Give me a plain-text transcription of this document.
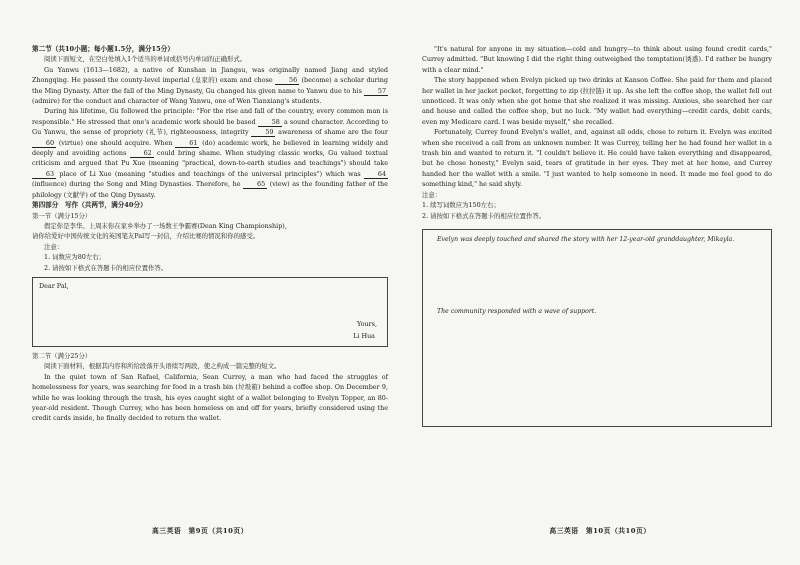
第二节（共10小题；每小题1.5分，满分15分）

阅读下面短文，在空白处填入1个适当的单词或括号内单词的正确形式。

Gu Yanwu (1613—1682), a native of Kunshan in Jiangsu, was originally named Jiang and styled Zhongqing. He passed the county-level imperial (皇家的) exam and chose	56 (become) a scholar during the Ming Dynasty. After the fall of the Ming Dynasty, Gu changed his given name to Yanwu due to his	57 (admire) for the conduct and character of Wang Yanwu, one of Wen Tianxiang's students.

During his lifetime, Gu followed the principle: "For the rise and fall of the country, every common man is responsible." He stressed that one's academic work should be based	58 a sound character. According to Gu Yanwu, the sense of propriety (礼节), righteousness, integrity	59 awareness of shame are the four 60 (virtue) one should acquire. When	61 (do) academic work, he believed in learning widely and deeply and avoiding actions	62 could bring shame. When studying classic works, Gu valued textual criticism and argued that Pu Xue (meaning "practical, down-to-earth studies and teachings") should take 63 place of Li Xue (meaning "studies and teachings of the universal principles") which was	64 (influence) during the Song and Ming Dynasties. Therefore, he	65 (view) as the founding father of the philology (文献学) of the Qing Dynasty.

第四部分　写作（共两节，满分40分）

第一节（满分15分）

假定你是李华。上周末你在家乡举办了一场数王争霸赛(Dean King Championship)，

请你给爱好中国传统文化的英国笔友Pal写一封信，介绍比赛的情况和你的感受。

注意：

1. 词数应为80左右；

2. 请按如下格式在答题卡的相应位置作答。

Dear Pal,
Yours,
Li Hua

第二节（满分25分）

阅读下面材料，根据其内容和所给段落开头语续写两段，使之构成一篇完整的短文。

In the quiet town of San Rafael, California, Sean Currey, a man who had faced the struggles of homelessness for years, was searching for food in a trash bin (垃圾箱) behind a coffee shop. On December 9, while he was looking through the trash, his eyes caught sight of a wallet belonging to Evelyn Topper, an 80-year-old resident. Though Currey, who has been homeless on and off for years, briefly considered using the credit cards inside, he finally decided to return the wallet.

高三英语　第9页（共10页）

"It's natural for anyone in my situation—cold and hungry—to think about using found credit cards," Currey admitted. "But knowing I did the right thing outweighed the temptation(诱惑). I'd rather be hungry with a clear mind."

The story happened when Evelyn picked up two drinks at Kanson Coffee. She paid for them and placed her wallet in her jacket pocket, forgetting to zip (拉拉链) it up. As she left the coffee shop, the wallet fell out unnoticed. It was only when she got home that she realized it was missing. Anxious, she searched her car and house and called the coffee shop, but no luck. "My wallet had everything—credit cards, debit cards, even my Medicare card. I was beside myself," she recalled.

Fortunately, Currey found Evelyn's wallet, and, against all odds, chose to return it. Evelyn was excited when she received a call from an unknown number. It was Currey, telling her he had found her wallet in a trash bin and wanted to return it. "I couldn't believe it. He could have taken everything and disappeared, but he chose honesty," Evelyn said, tears of gratitude in her eyes. They met at her home, and Currey handed her the wallet with a smile. "I just wanted to help someone in need. It made me feel good to do something kind," he said shyly.

注意：

1. 续写词数应为150左右；

2. 请按如下格式在答题卡的相应位置作答。

Evelyn was deeply touched and shared the story with her 12-year-old granddaughter, Mikayla.
The community responded with a wave of support.
高三英语　第10页（共10页）
